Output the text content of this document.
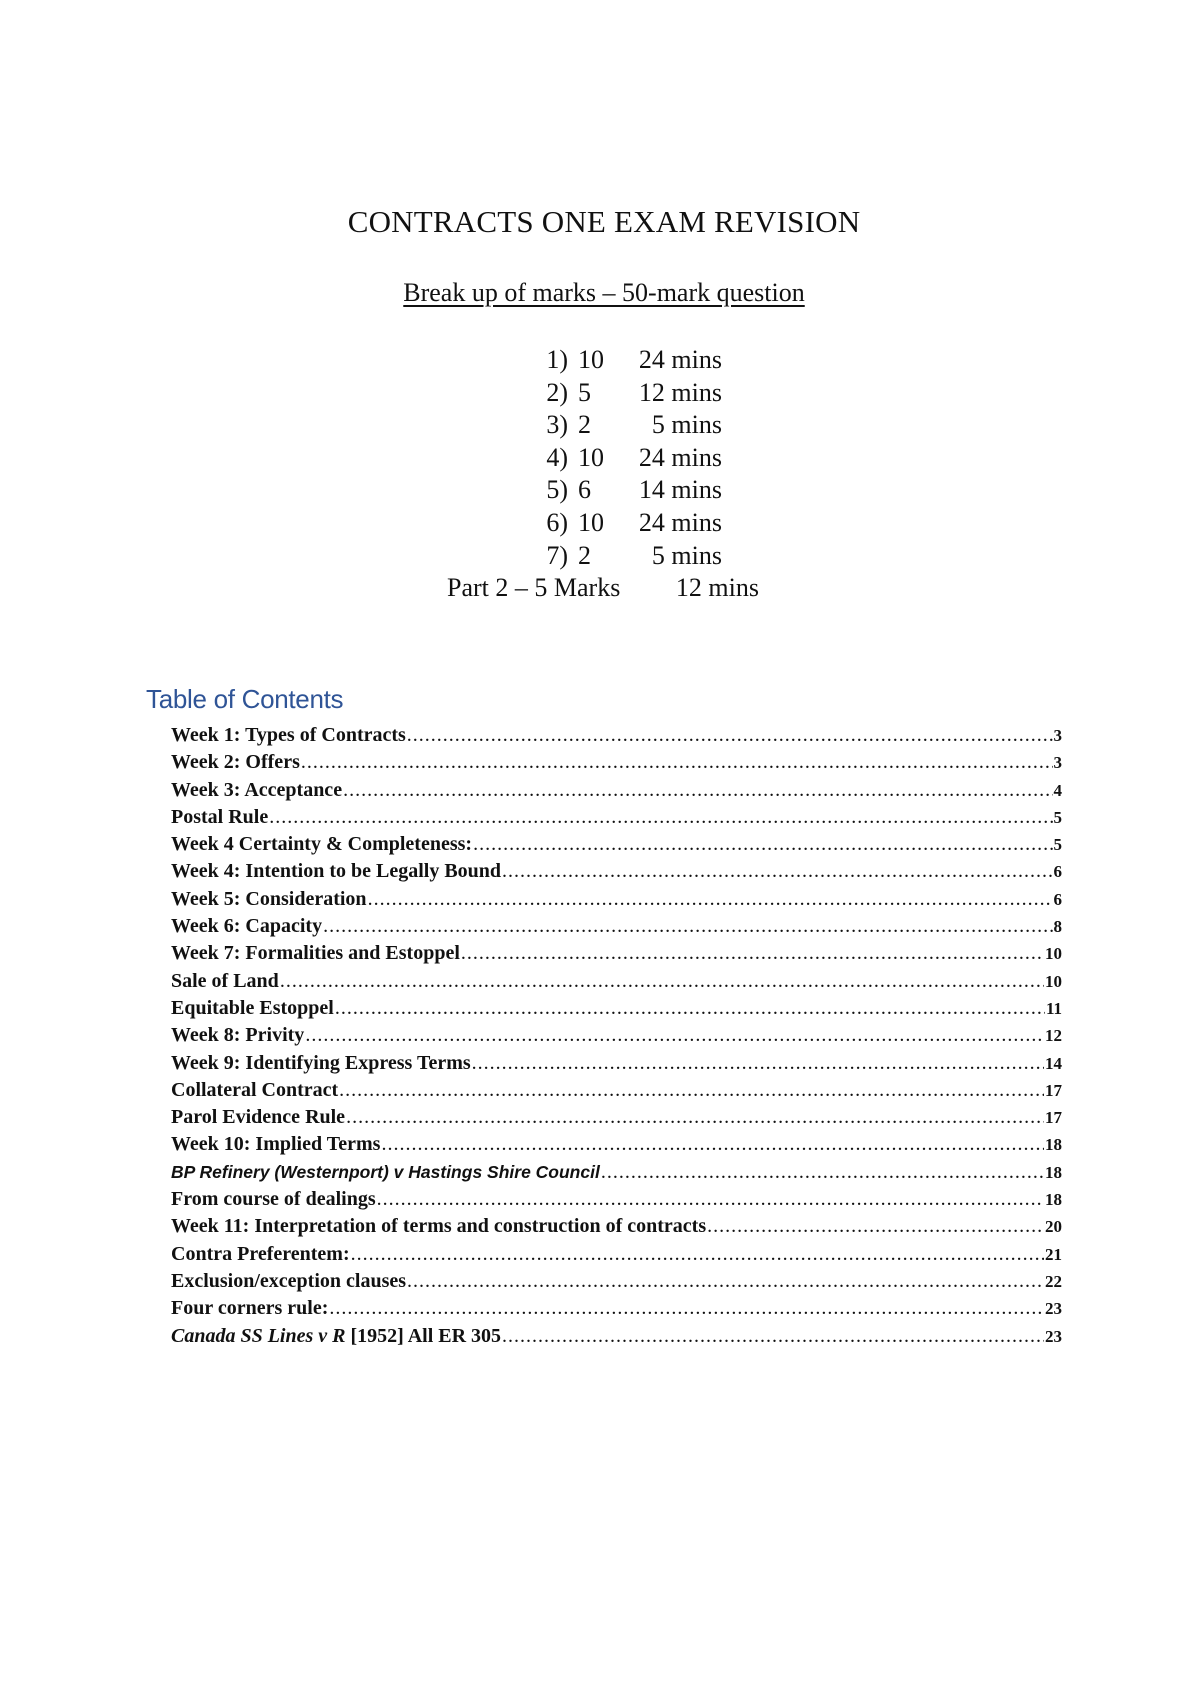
CONTRACTS ONE EXAM REVISION
Break up of marks – 50-mark question
1) 10 24 mins
2) 5 12 mins
3) 2 5 mins
4) 10 24 mins
5) 6 14 mins
6) 10 24 mins
7) 2 5 mins
Part 2 – 5 Marks 12 mins
Table of Contents
Week 1: Types of Contracts .....	3
Week 2: Offers .....	3
Week 3: Acceptance .....	4
Postal Rule .....	5
Week 4 Certainty & Completeness: .....	5
Week 4: Intention to be Legally Bound .....	6
Week 5: Consideration .....	6
Week 6: Capacity .....	8
Week 7: Formalities and Estoppel .....	10
Sale of Land .....	10
Equitable Estoppel .....	11
Week 8: Privity .....	12
Week 9: Identifying Express Terms .....	14
Collateral Contract .....	17
Parol Evidence Rule .....	17
Week 10: Implied Terms .....	18
BP Refinery (Westernport) v Hastings Shire Council .....	18
From course of dealings .....	18
Week 11: Interpretation of terms and construction of contracts .....	20
Contra Preferentem: .....	21
Exclusion/exception clauses .....	22
Four corners rule: .....	23
Canada SS Lines v R [1952] All ER 305 .....	23
